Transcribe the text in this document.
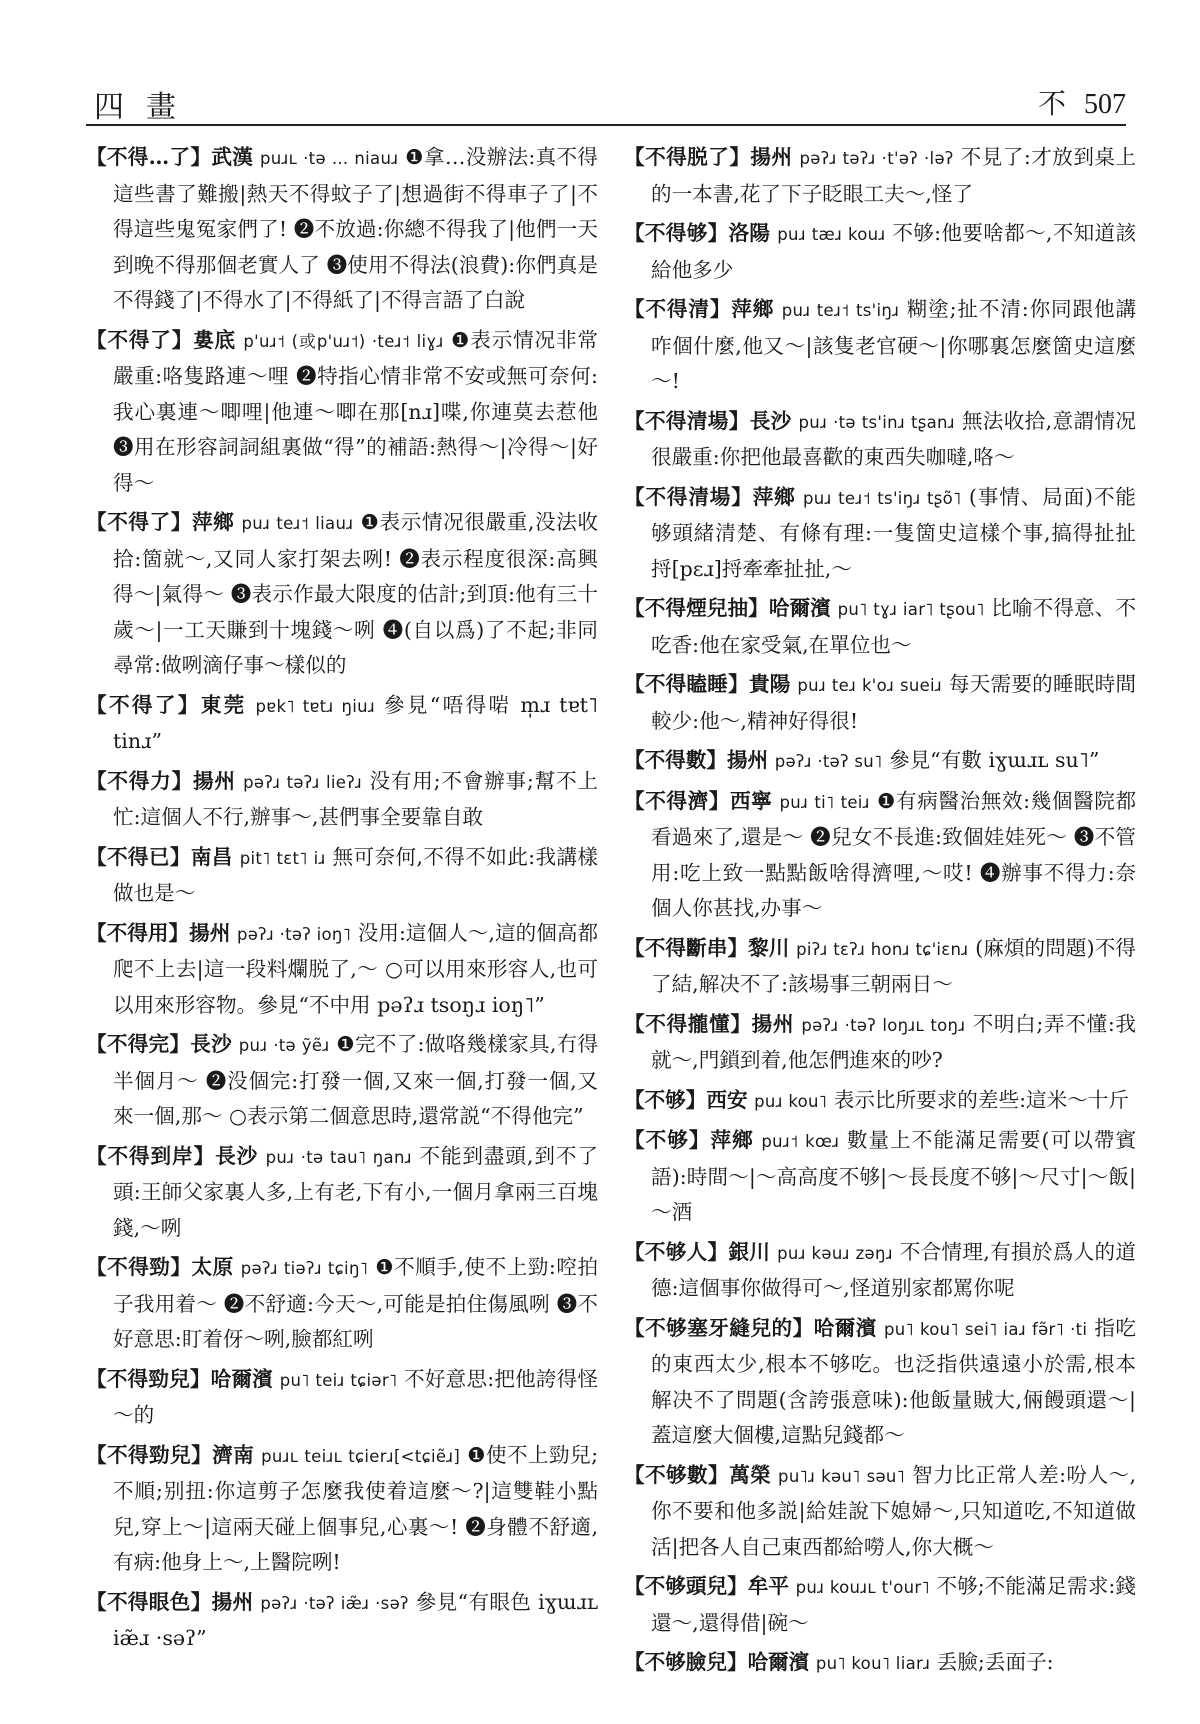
四畫	不 507

【不得…了】武漢 puɹʟ ·tə … niauɹ ❶拿…没辦法:真不得這些書了難搬|熱天不得蚊子了|想過街不得車子了|不得這些鬼冤家們了! ❷不放過:你總不得我了|他們一天到晚不得那個老實人了 ❸使用不得法(浪費):你們真是不得錢了|不得水了|不得紙了|不得言語了白說

【不得了】婁底 p'uɹ˦ (或p'uɹ˦) ·teɹ˦ liɣɹ ❶表示情况非常嚴重:咯隻路連～哩 ❷特指心情非常不安或無可奈何:我心裏連～唧哩|他連～唧在那[nɹ]喋,你連莫去惹他 ❸用在形容詞詞組裏做“得”的補語:熱得～|冷得～|好得～

【不得了】萍鄉 puɹ teɹ˦ liauɹ ❶表示情况很嚴重,没法收拾:箇就～,又同人家打架去咧! ❷表示程度很深:高興得～|氣得～ ❸表示作最大限度的估計;到頂:他有三十歲～|一工天賺到十塊錢～咧 ❹(自以爲)了不起;非同尋常:做咧滴仔事～樣似的

【不得了】東莞 pɐk˥ tɐtɹ ŋiuɹ 參見“唔得啱 m̩ɹ tɐt˥ tinɹ”

【不得力】揚州 pəʔɹ təʔɹ lieʔɹ 没有用;不會辦事;幫不上忙:這個人不行,辦事～,甚們事全要靠自敢

【不得已】南昌 pit˥ tɛt˥ iɹ 無可奈何,不得不如此:我講樣做也是～

【不得用】揚州 pəʔɹ ·təʔ ioŋ˥ 没用:這個人～,這的個高都爬不上去|這一段料爛脱了,～ ○可以用來形容人,也可以用來形容物。參見“不中用 pəʔɹ tsoŋɹ ioŋ˥”

【不得完】長沙 puɹ ·tə ỹẽɹ ❶完不了:做咯幾樣家具,冇得半個月～ ❷没個完:打發一個,又來一個,打發一個,又來一個,那～ ○表示第二個意思時,還常説“不得他完”

【不得到岸】長沙 puɹ ·tə tau˥ ŋanɹ 不能到盡頭,到不了頭:王師父家裏人多,上有老,下有小,一個月拿兩三百塊錢,～咧

【不得勁】太原 pəʔɹ tiəʔɹ tɕiŋ˥ ❶不順手,使不上勁:啌拍子我用着～ ❷不舒適:今天～,可能是拍住傷風咧 ❸不好意思:盯着伢～咧,臉都紅咧

【不得勁兒】哈爾濱 pu˥ teiɹ tɕiər˥ 不好意思:把他誇得怪～的

【不得勁兒】濟南 puɹʟ teiɹʟ tɕierɹ[<tɕiẽɹ] ❶使不上勁兒;不順;别扭:你這剪子怎麼我使着這麼～?|這雙鞋小點兒,穿上～|這兩天碰上個事兒,心裏～! ❷身體不舒適,有病:他身上～,上醫院咧!

【不得眼色】揚州 pəʔɹ ·təʔ iæ̃ɹ ·səʔ 參見“有眼色 iɣɯɹʟ iæ̃ɹ ·səʔ”

【不得脱了】揚州 pəʔɹ təʔɹ ·t'əʔ ·ləʔ 不見了:才放到桌上的一本書,花了下子眨眼工夫～,怪了

【不得够】洛陽 puɹ tæɹ kouɹ 不够:他要啥都～,不知道該給他多少

【不得清】萍鄉 puɹ teɹ˦ ts'iŋɹ 糊塗;扯不清:你同跟他講咋個什麼,他又～|該隻老官硬～|你哪裏怎麼箇史這麼～!

【不得清場】長沙 puɹ ·tə ts'inɹ tʂanɹ 無法收拾,意謂情况很嚴重:你把他最喜歡的東西失咖噠,咯～

【不得清場】萍鄉 puɹ teɹ˦ ts'iŋɹ tʂõ˥ (事情、局面)不能够頭緒清楚、有條有理:一隻箇史這樣个事,搞得扯扯捋[pɛɹ]捋牽牽扯扯,～

【不得煙兒抽】哈爾濱 pu˥ tɣɹ iar˥ tʂou˥ 比喻不得意、不吃香:他在家受氣,在單位也～

【不得瞌睡】貴陽 puɹ teɹ k'oɹ sueiɹ 每天需要的睡眠時間較少:他～,精神好得很!

【不得數】揚州 pəʔɹ ·təʔ su˥ 參見“有數 iɣɯɹʟ su˥”

【不得濟】西寧 puɹ ti˥ teiɹ ❶有病醫治無效:幾個醫院都看過來了,還是～ ❷兒女不長進:致個娃娃死～ ❸不管用:吃上致一點點飯啥得濟哩,～哎! ❹辦事不得力:奈個人你甚找,办事～

【不得斷串】黎川 piʔɹ tɛʔɹ honɹ tɕ'iɛnɹ (麻煩的問題)不得了結,解决不了:該場事三朝兩日～

【不得攏懂】揚州 pəʔɹ ·təʔ loŋɹʟ toŋɹ 不明白;弄不懂:我就～,門鎖到着,他怎們進來的吵?

【不够】西安 puɹ kou˥ 表示比所要求的差些:這米～十斤

【不够】萍鄉 puɹ˦ kœɹ 數量上不能滿足需要(可以帶賓語):時間～|～高高度不够|～長長度不够|～尺寸|～飯|～酒

【不够人】銀川 puɹ kəuɹ zəŋɹ 不合情理,有損於爲人的道德:這個事你做得可～,怪道别家都罵你呢

【不够塞牙縫兒的】哈爾濱 pu˥ kou˥ sei˥ iaɹ fə̃r˥ ·ti 指吃的東西太少,根本不够吃。也泛指供遠遠小於需,根本解决不了問題(含誇張意味):他飯量賊大,倆饅頭還～|蓋這麼大個樓,這點兒錢都～

【不够數】萬榮 pu˥ɹ kəu˥ səu˥ 智力比正常人差:吩人～,你不要和他多説|給娃說下媳婦～,只知道吃,不知道做活|把各人自己東西都給嘮人,你大概～

【不够頭兒】牟平 puɹ kouɹʟ t'our˥ 不够;不能滿足需求:錢還～,還得借|碗～

【不够臉兒】哈爾濱 pu˥ kou˥ liarɹ 丢臉;丢面子:
